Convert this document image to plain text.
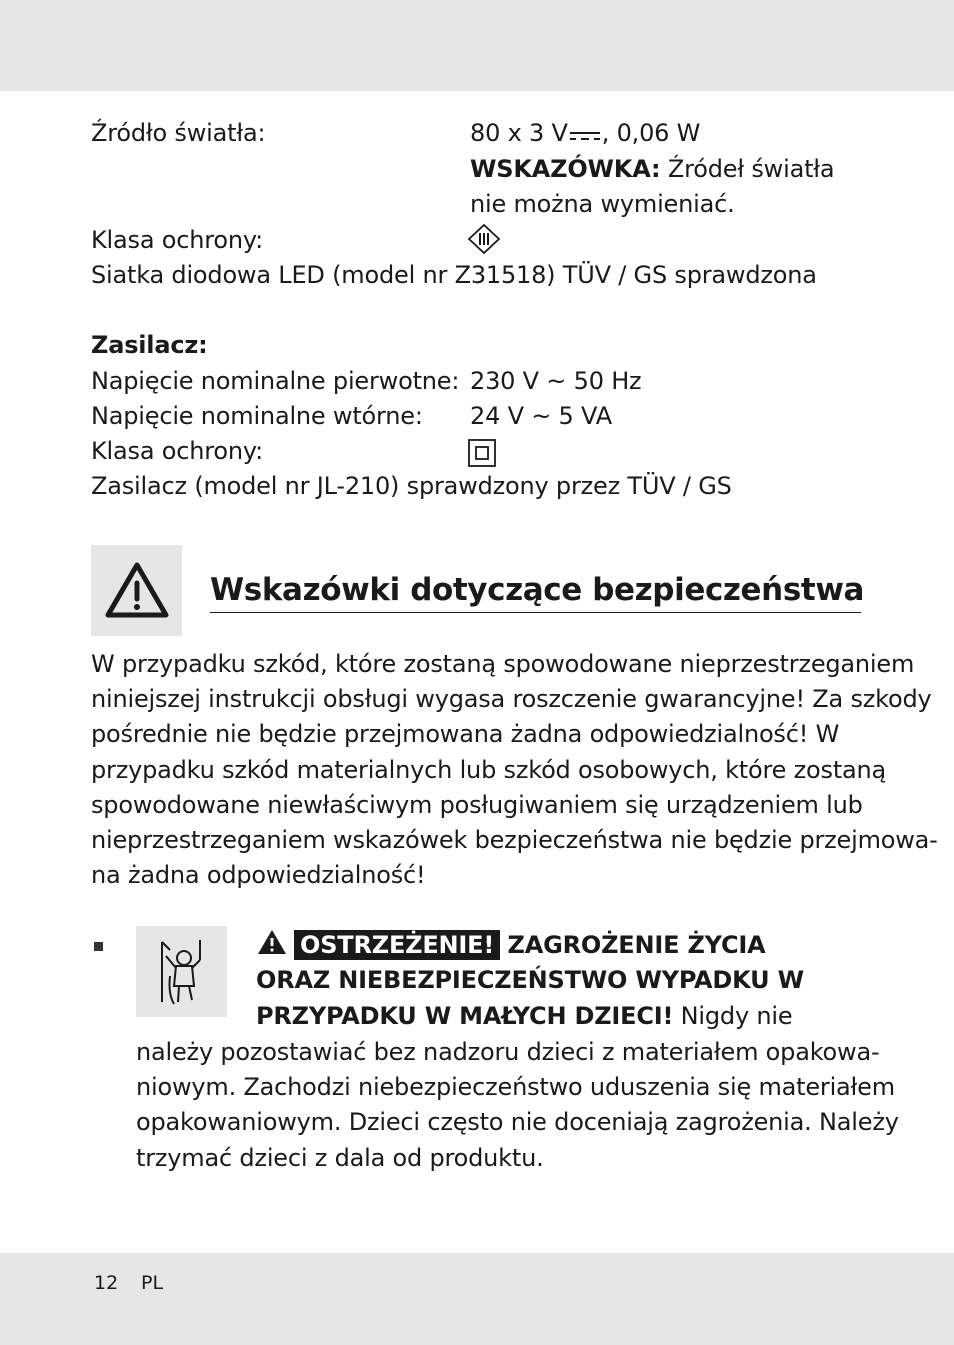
Źródło światła:	80 x 3 V , 0,06 W
WSKAZÓWKA: Źródeł światła
nie można wymieniać.
Klasa ochrony:
Siatka diodowa LED (model nr Z31518) TÜV / GS sprawdzona
Zasilacz:
Napięcie nominalne pierwotne: 230 V ~ 50 Hz
Napięcie nominalne wtórne: 24 V ~ 5 VA
Klasa ochrony:
Zasilacz (model nr JL-210) sprawdzony przez TÜV / GS
Wskazówki dotyczące bezpieczeństwa
W przypadku szkód, które zostaną spowodowane nieprzestrzeganiem
niniejszej instrukcji obsługi wygasa roszczenie gwarancyjne! Za szkody
pośrednie nie będzie przejmowana żadna odpowiedzialność! W
przypadku szkód materialnych lub szkód osobowych, które zostaną
spowodowane niewłaściwym posługiwaniem się urządzeniem lub
nieprzestrzeganiem wskazówek bezpieczeństwa nie będzie przejmowa-
na żadna odpowiedzialność!
OSTRZEŻENIE! ZAGROŻENIE ŻYCIA
ORAZ NIEBEZPIECZEŃSTWO WYPADKU W
PRZYPADKU W MAŁYCH DZIECI! Nigdy nie
należy pozostawiać bez nadzoru dzieci z materiałem opakowa-
niowym. Zachodzi niebezpieczeństwo uduszenia się materiałem
opakowaniowym. Dzieci często nie doceniają zagrożenia. Należy
trzymać dzieci z dala od produktu.
12 PL
